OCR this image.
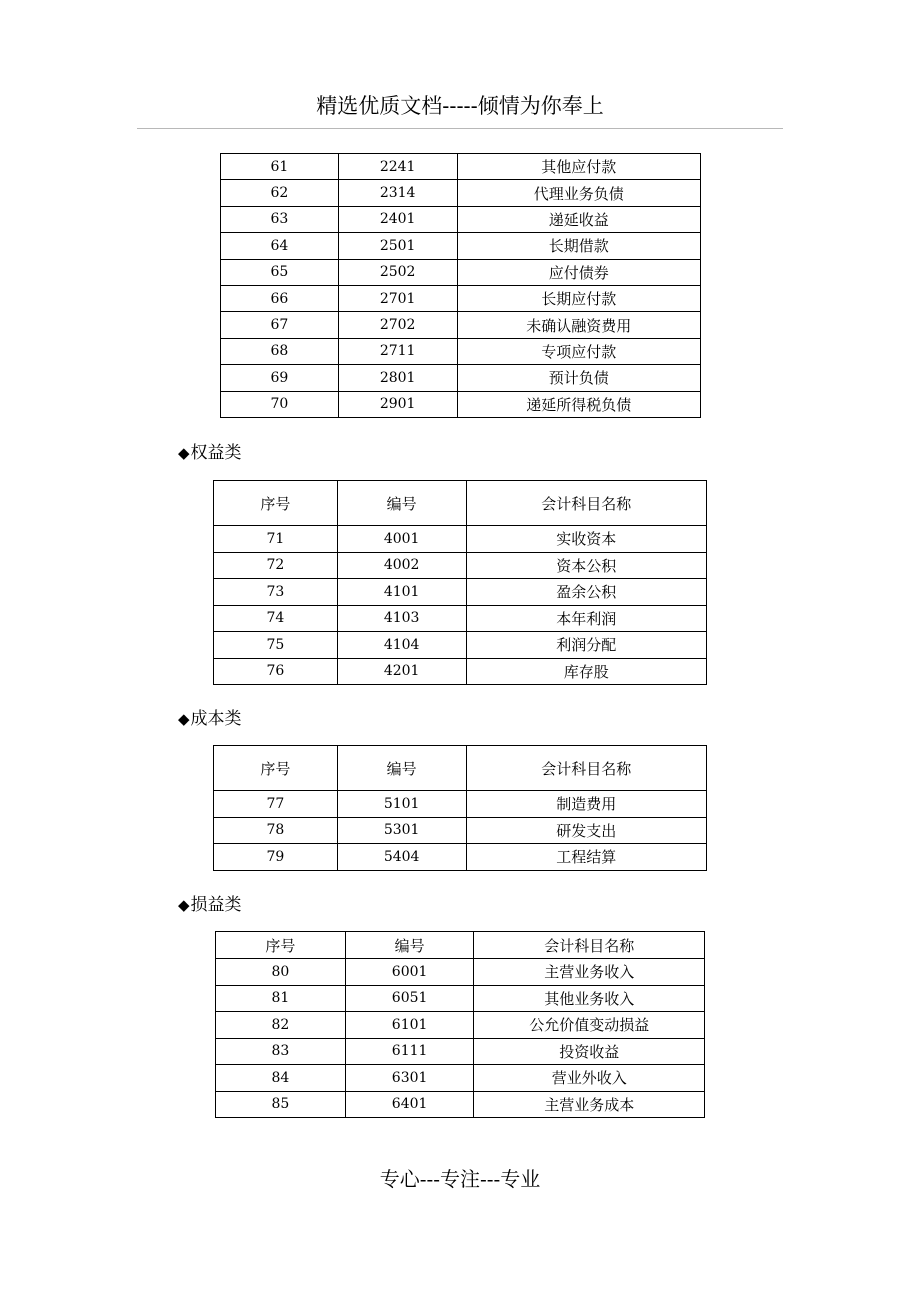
精选优质文档-----倾情为你奉上
61	2241	其他应付款
62	2314	代理业务负债
63	2401	递延收益
64	2501	长期借款
65	2502	应付债券
66	2701	长期应付款
67	2702	未确认融资费用
68	2711	专项应付款
69	2801	预计负债
70	2901	递延所得税负债
◆权益类
序号	编号	会计科目名称
71	4001	实收资本
72	4002	资本公积
73	4101	盈余公积
74	4103	本年利润
75	4104	利润分配
76	4201	库存股
◆成本类
序号	编号	会计科目名称
77	5101	制造费用
78	5301	研发支出
79	5404	工程结算
◆损益类
序号	编号	会计科目名称
80	6001	主营业务收入
81	6051	其他业务收入
82	6101	公允价值变动损益
83	6111	投资收益
84	6301	营业外收入
85	6401	主营业务成本
专心---专注---专业
